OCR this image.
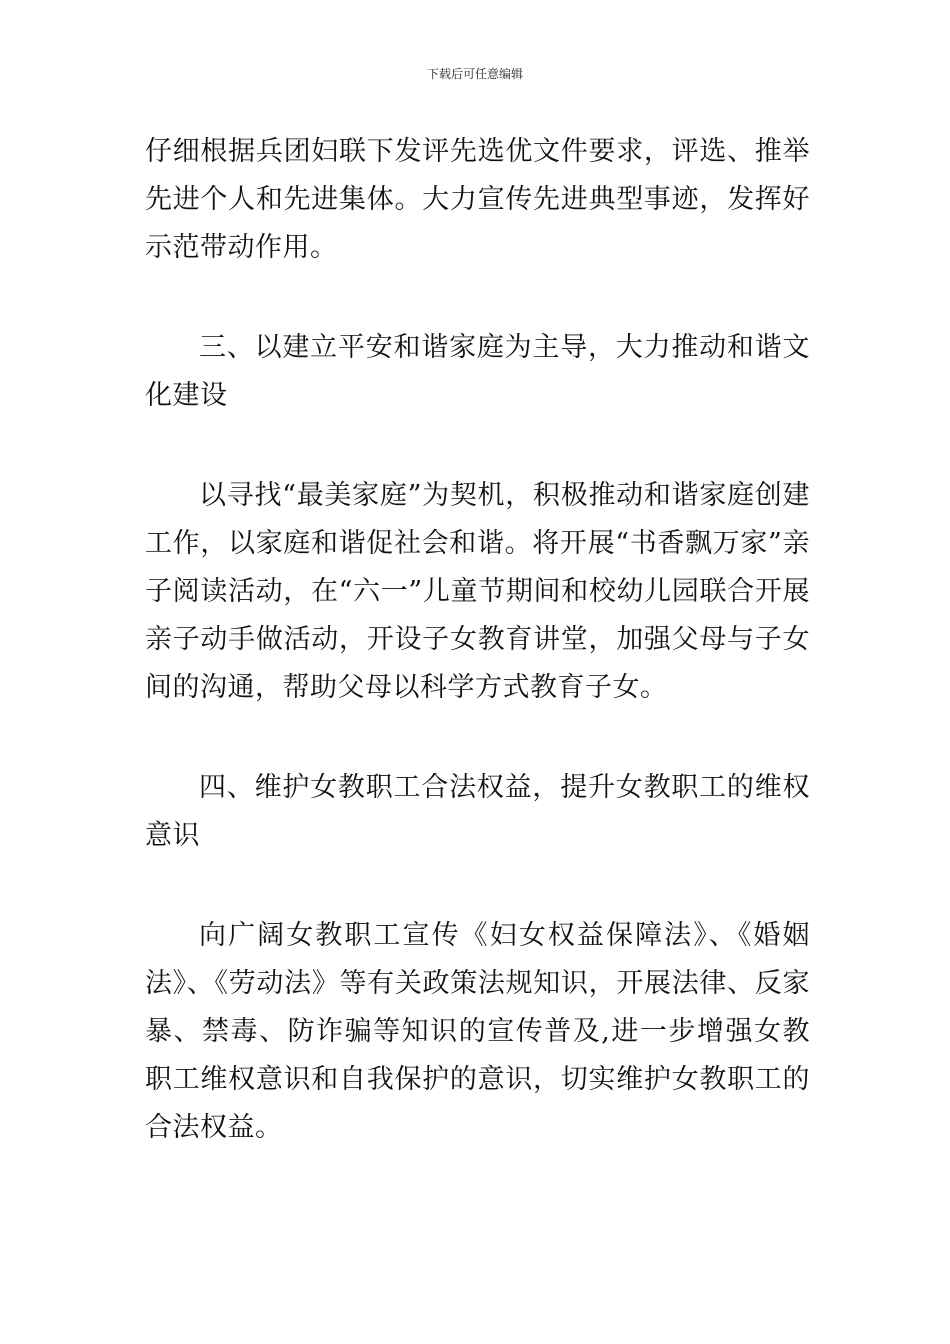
下载后可任意编辑

仔细根据兵团妇联下发评先选优文件要求，评选、推举先进个人和先进集体。大力宣传先进典型事迹，发挥好示范带动作用。

三、以建立平安和谐家庭为主导，大力推动和谐文化建设

以寻找“最美家庭”为契机，积极推动和谐家庭创建工作，以家庭和谐促社会和谐。将开展“书香飘万家”亲子阅读活动，在“六一”儿童节期间和校幼儿园联合开展亲子动手做活动，开设子女教育讲堂，加强父母与子女间的沟通，帮助父母以科学方式教育子女。

四、维护女教职工合法权益，提升女教职工的维权意识

向广阔女教职工宣传《妇女权益保障法》、《婚姻法》、《劳动法》等有关政策法规知识，开展法律、反家暴、禁毒、防诈骗等知识的宣传普及,进一步增强女教职工维权意识和自我保护的意识，切实维护女教职工的合法权益。
